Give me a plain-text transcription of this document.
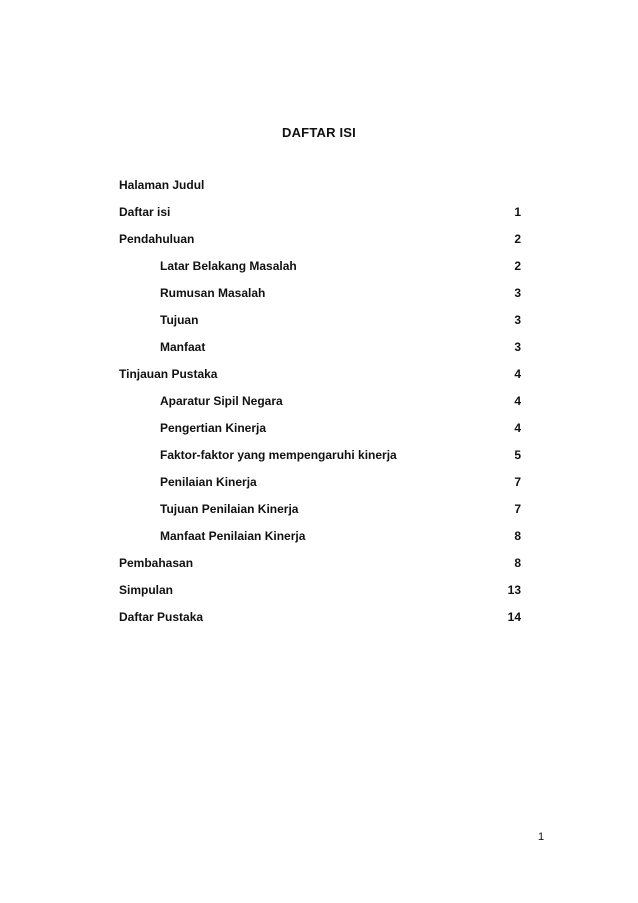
DAFTAR ISI
Halaman Judul
Daftar isi	1
Pendahuluan	2
Latar Belakang Masalah	2
Rumusan Masalah	3
Tujuan	3
Manfaat	3
Tinjauan Pustaka	4
Aparatur Sipil Negara	4
Pengertian Kinerja	4
Faktor-faktor yang mempengaruhi kinerja	5
Penilaian Kinerja	7
Tujuan Penilaian Kinerja	7
Manfaat Penilaian Kinerja	8
Pembahasan	8
Simpulan	13
Daftar Pustaka	14
1
